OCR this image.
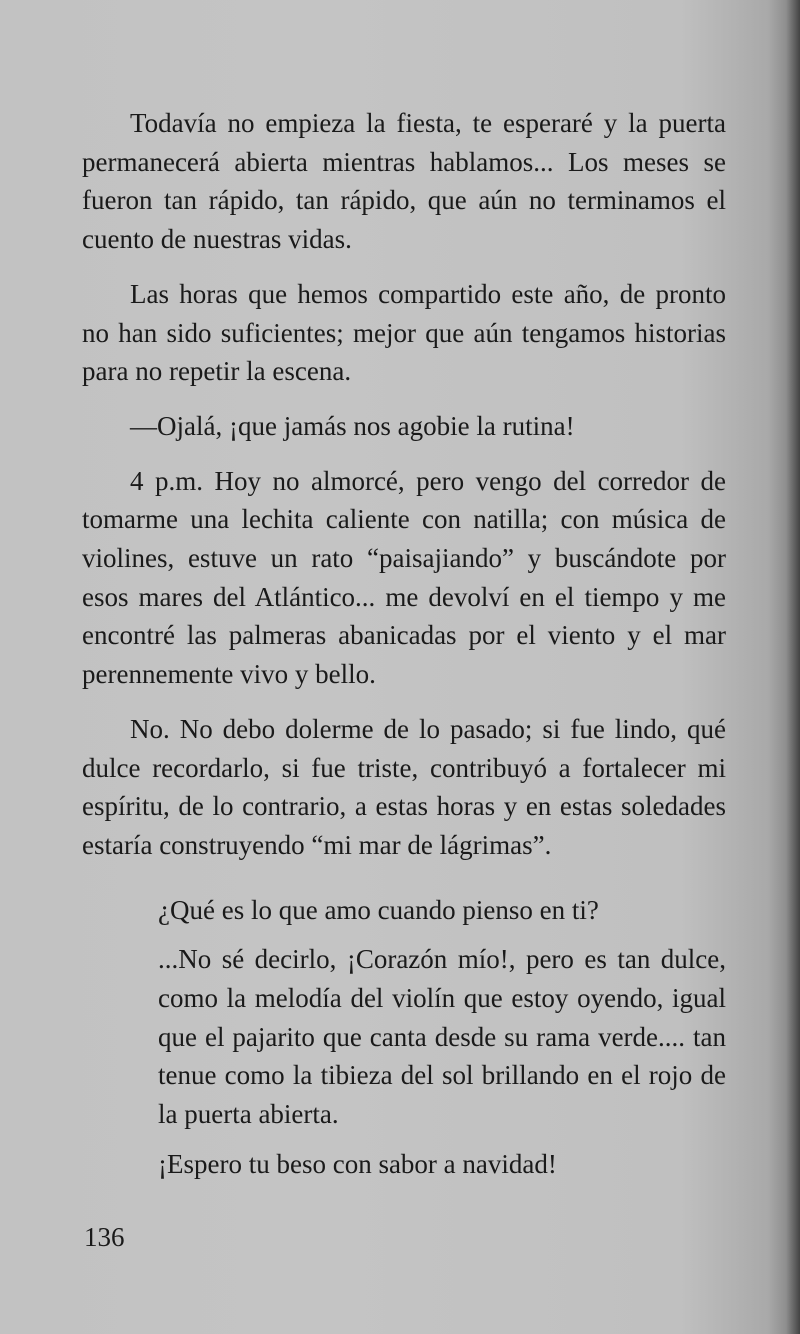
Todavía no empieza la fiesta, te esperaré y la puerta permanecerá abierta mientras hablamos... Los meses se fueron tan rápido, tan rápido, que aún no terminamos el cuento de nuestras vidas.

Las horas que hemos compartido este año, de pronto no han sido suficientes; mejor que aún tengamos historias para no repetir la escena.

—Ojalá, ¡que jamás nos agobie la rutina!

4 p.m. Hoy no almorcé, pero vengo del corredor de tomarme una lechita caliente con natilla; con música de violines, estuve un rato “paisajiando” y buscándote por esos mares del Atlántico... me devolví en el tiempo y me encontré las palmeras abanicadas por el viento y el mar perennemente vivo y bello.

No. No debo dolerme de lo pasado; si fue lindo, qué dulce recordarlo, si fue triste, contribuyó a fortalecer mi espíritu, de lo contrario, a estas horas y en estas soledades estaría construyendo “mi mar de lágrimas”.

¿Qué es lo que amo cuando pienso en ti?

...No sé decirlo, ¡Corazón mío!, pero es tan dulce, como la melodía del violín que estoy oyendo, igual que el pajarito que canta desde su rama verde.... tan tenue como la tibieza del sol brillando en el rojo de la puerta abierta.

¡Espero tu beso con sabor a navidad!

136
